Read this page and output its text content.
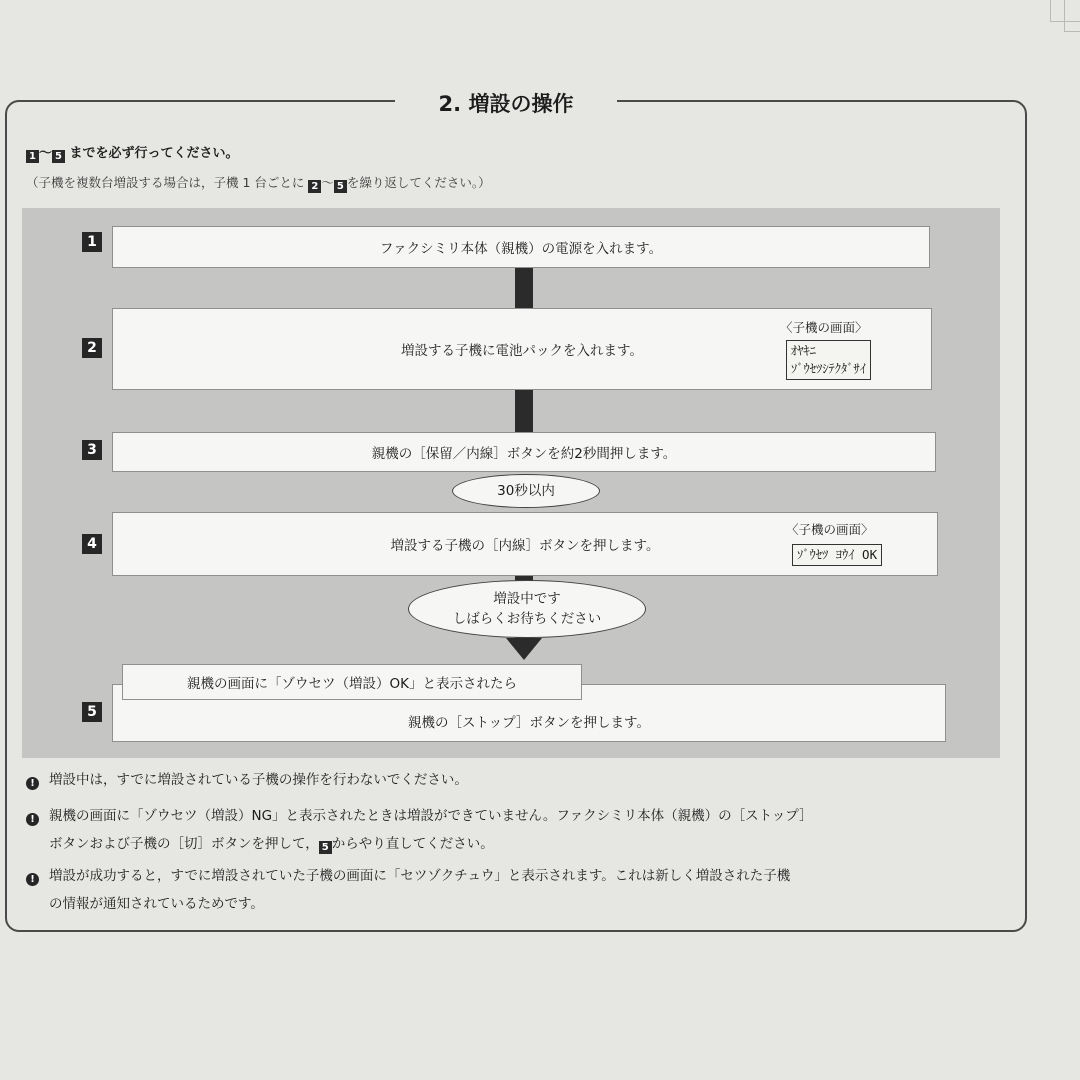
2. 増設の操作
1 ～ 5 までを必ず行ってください。
（子機を複数台増設する場合は，子機 1 台ごとに 2 ～ 5 を繰り返してください。）
1	ファクシミリ本体（親機）の電源を入れます。
2	増設する子機に電池パックを入れます。
〈子機の画面〉
ｵﾔｷﾆ
ｿﾞｳｾﾂｼﾃｸﾀﾞｻｲ
3	親機の［保留／内線］ボタンを約2秒間押します。
30秒以内
4	増設する子機の［内線］ボタンを押します。
〈子機の画面〉
ｿﾞｳｾﾂ ﾖｳｲ OK
増設中です
しばらくお待ちください
5
親機の［ストップ］ボタンを押します。
親機の画面に「ゾウセツ（増設）OK」と表示されたら
! 増設中は，すでに増設されている子機の操作を行わないでください。
! 親機の画面に「ゾウセツ（増設）NG」と表示されたときは増設ができていません。ファクシミリ本体（親機）の［ストップ］
ボタンおよび子機の［切］ボタンを押して， 5 からやり直してください。
! 増設が成功すると，すでに増設されていた子機の画面に「セツゾクチュウ」と表示されます。これは新しく増設された子機
の情報が通知されているためです。
